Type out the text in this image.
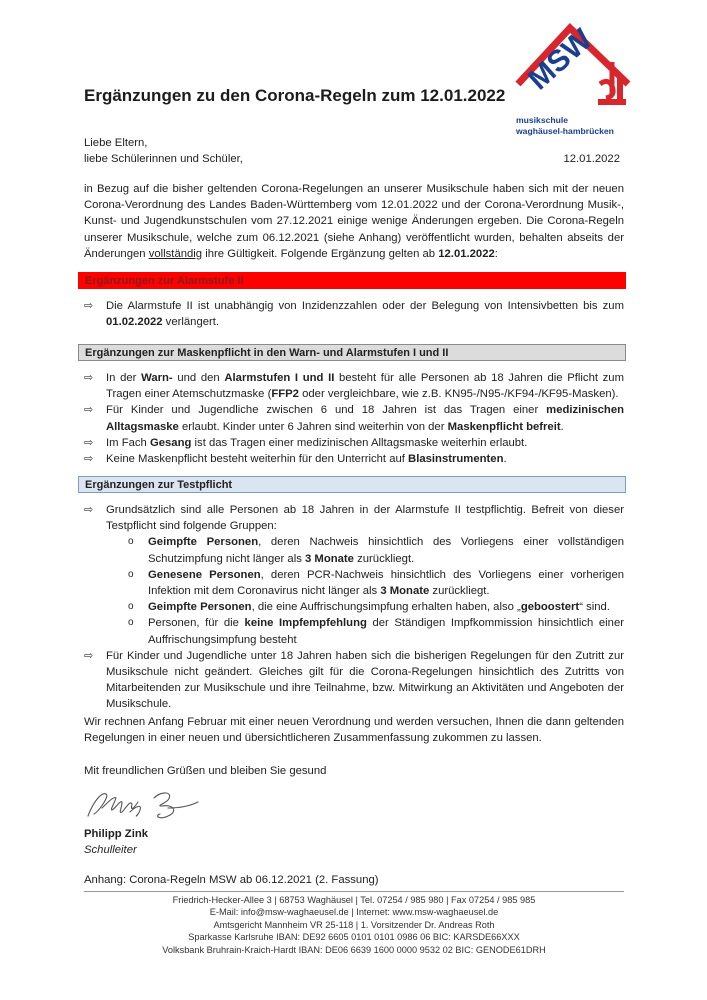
MSW
musikschule
waghäusel-hambrücken
Ergänzungen zu den Corona-Regeln zum 12.01.2022
Liebe Eltern,
liebe Schülerinnen und Schüler,	12.01.2022
in Bezug auf die bisher geltenden Corona-Regelungen an unserer Musikschule haben sich mit der neuen Corona-Verordnung des Landes Baden-Württemberg vom 12.01.2022 und der Corona-Verordnung Musik-, Kunst- und Jugendkunstschulen vom 27.12.2021 einige wenige Änderungen ergeben. Die Corona-Regeln unserer Musikschule, welche zum 06.12.2021 (siehe Anhang) veröffentlicht wurden, behalten abseits der Änderungen vollständig ihre Gültigkeit. Folgende Ergänzung gelten ab 12.01.2022:
Ergänzungen zur Alarmstufe II
⇨ Die Alarmstufe II ist unabhängig von Inzidenzzahlen oder der Belegung von Intensivbetten bis zum 01.02.2022 verlängert.
Ergänzungen zur Maskenpflicht in den Warn- und Alarmstufen I und II
⇨ In der Warn- und den Alarmstufen I und II besteht für alle Personen ab 18 Jahren die Pflicht zum Tragen einer Atemschutzmaske (FFP2 oder vergleichbare, wie z.B. KN95-/N95-/KF94-/KF95-Masken).
⇨ Für Kinder und Jugendliche zwischen 6 und 18 Jahren ist das Tragen einer medizinischen Alltagsmaske erlaubt. Kinder unter 6 Jahren sind weiterhin von der Maskenpflicht befreit.
⇨ Im Fach Gesang ist das Tragen einer medizinischen Alltagsmaske weiterhin erlaubt.
⇨ Keine Maskenpflicht besteht weiterhin für den Unterricht auf Blasinstrumenten.
Ergänzungen zur Testpflicht
⇨ Grundsätzlich sind alle Personen ab 18 Jahren in der Alarmstufe II testpflichtig. Befreit von dieser Testpflicht sind folgende Gruppen:
o Geimpfte Personen, deren Nachweis hinsichtlich des Vorliegens einer vollständigen Schutzimpfung nicht länger als 3 Monate zurückliegt.
o Genesene Personen, deren PCR-Nachweis hinsichtlich des Vorliegens einer vorherigen Infektion mit dem Coronavirus nicht länger als 3 Monate zurückliegt.
o Geimpfte Personen, die eine Auffrischungsimpfung erhalten haben, also „geboostert“ sind.
o Personen, für die keine Impfempfehlung der Ständigen Impfkommission hinsichtlich einer Auffrischungsimpfung besteht
⇨ Für Kinder und Jugendliche unter 18 Jahren haben sich die bisherigen Regelungen für den Zutritt zur Musikschule nicht geändert. Gleiches gilt für die Corona-Regelungen hinsichtlich des Zutritts von Mitarbeitenden zur Musikschule und ihre Teilnahme, bzw. Mitwirkung an Aktivitäten und Angeboten der Musikschule.
Wir rechnen Anfang Februar mit einer neuen Verordnung und werden versuchen, Ihnen die dann geltenden Regelungen in einer neuen und übersichtlicheren Zusammenfassung zukommen zu lassen.
Mit freundlichen Grüßen und bleiben Sie gesund
Philipp Zink
Schulleiter
Anhang: Corona-Regeln MSW ab 06.12.2021 (2. Fassung)
Friedrich-Hecker-Allee 3 | 68753 Waghäusel | Tel. 07254 / 985 980 | Fax 07254 / 985 985
E-Mail: info@msw-waghaeusel.de | Internet: www.msw-waghaeusel.de
Amtsgericht Mannheim VR 25-118 | 1. Vorsitzender Dr. Andreas Roth
Sparkasse Karlsruhe IBAN: DE92 6605 0101 0101 0986 06 BIC: KARSDE66XXX
Volksbank Bruhrain-Kraich-Hardt IBAN: DE06 6639 1600 0000 9532 02 BIC: GENODE61DRH
